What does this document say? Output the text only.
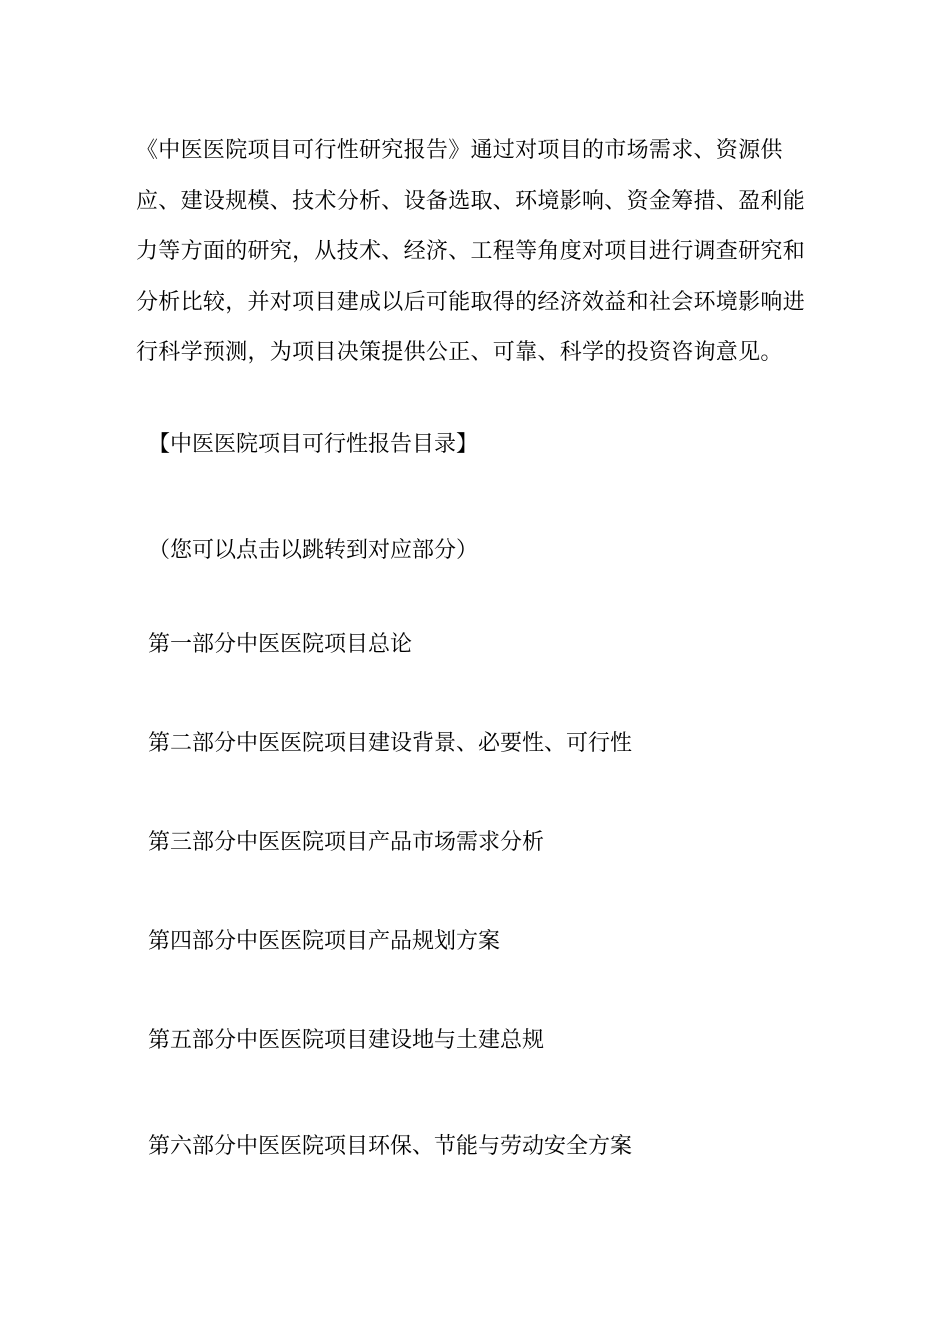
《中医医院项目可行性研究报告》通过对项目的市场需求、资源供应、建设规模、技术分析、设备选取、环境影响、资金筹措、盈利能力等方面的研究，从技术、经济、工程等角度对项目进行调查研究和分析比较，并对项目建成以后可能取得的经济效益和社会环境影响进行科学预测，为项目决策提供公正、可靠、科学的投资咨询意见。

【中医医院项目可行性报告目录】

（您可以点击以跳转到对应部分）

第一部分中医医院项目总论
第二部分中医医院项目建设背景、必要性、可行性
第三部分中医医院项目产品市场需求分析
第四部分中医医院项目产品规划方案
第五部分中医医院项目建设地与土建总规
第六部分中医医院项目环保、节能与劳动安全方案
